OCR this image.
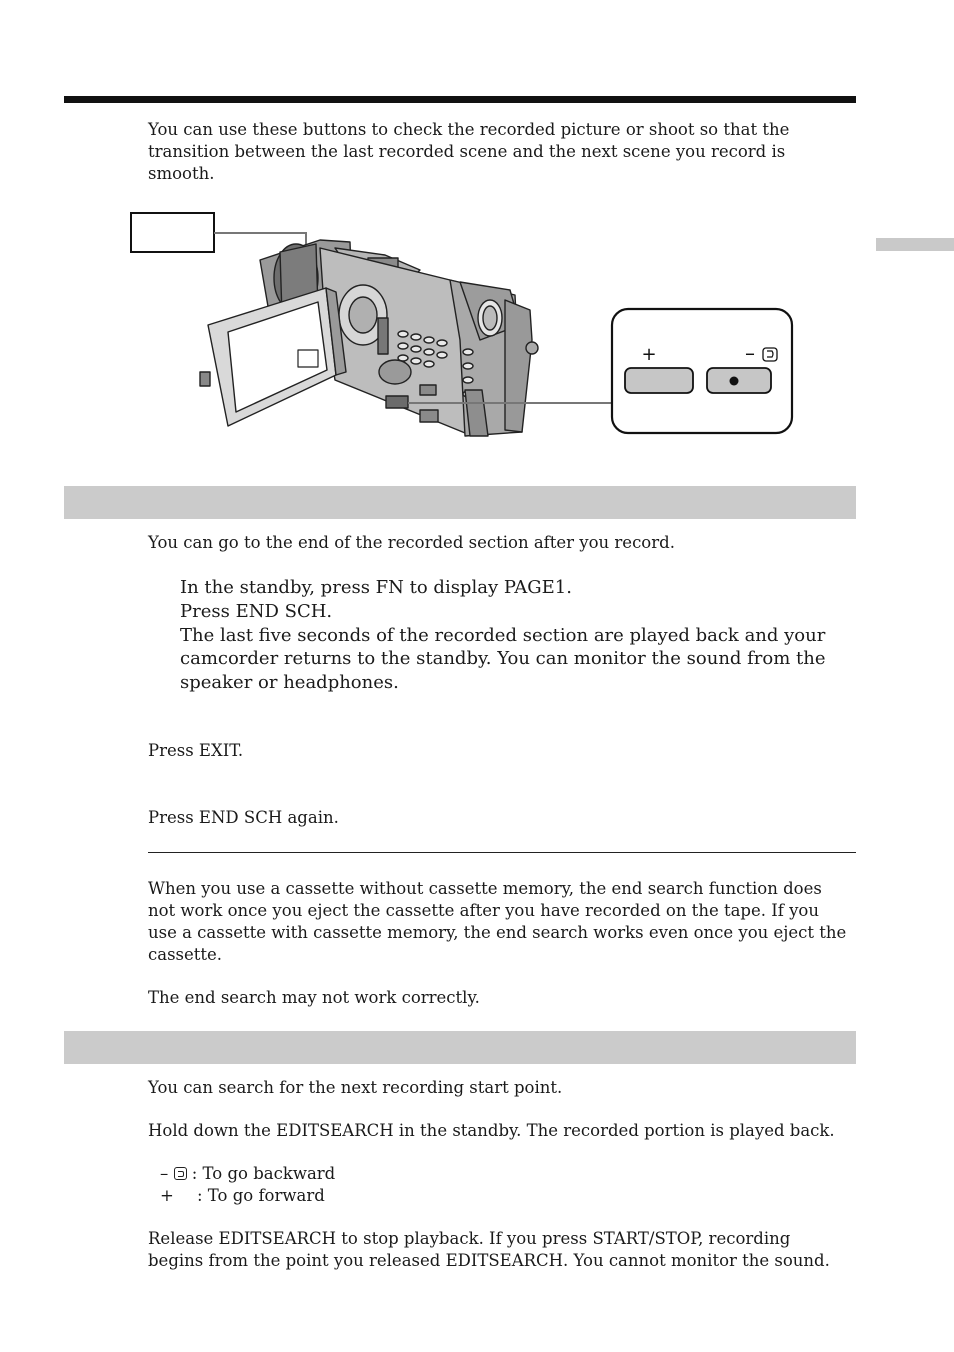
You can use these buttons to check the recorded picture or shoot so that the transition between the last recorded scene and the next scene you record is smooth.
+	–
You can go to the end of the recorded section after you record.
In the standby, press FN to display PAGE1.
Press END SCH.
The last five seconds of the recorded section are played back and your camcorder returns to the standby. You can monitor the sound from the speaker or headphones.
Press EXIT.
Press END SCH again.
When you use a cassette without cassette memory, the end search function does not work once you eject the cassette after you have recorded on the tape. If you use a cassette with cassette memory, the end search works even once you eject the cassette.
The end search may not work correctly.
You can search for the next recording start point.
Hold down the EDITSEARCH in the standby. The recorded portion is played back.
– : To go backward
+ : To go forward
Release EDITSEARCH to stop playback. If you press START/STOP, recording begins from the point you released EDITSEARCH. You cannot monitor the sound.
